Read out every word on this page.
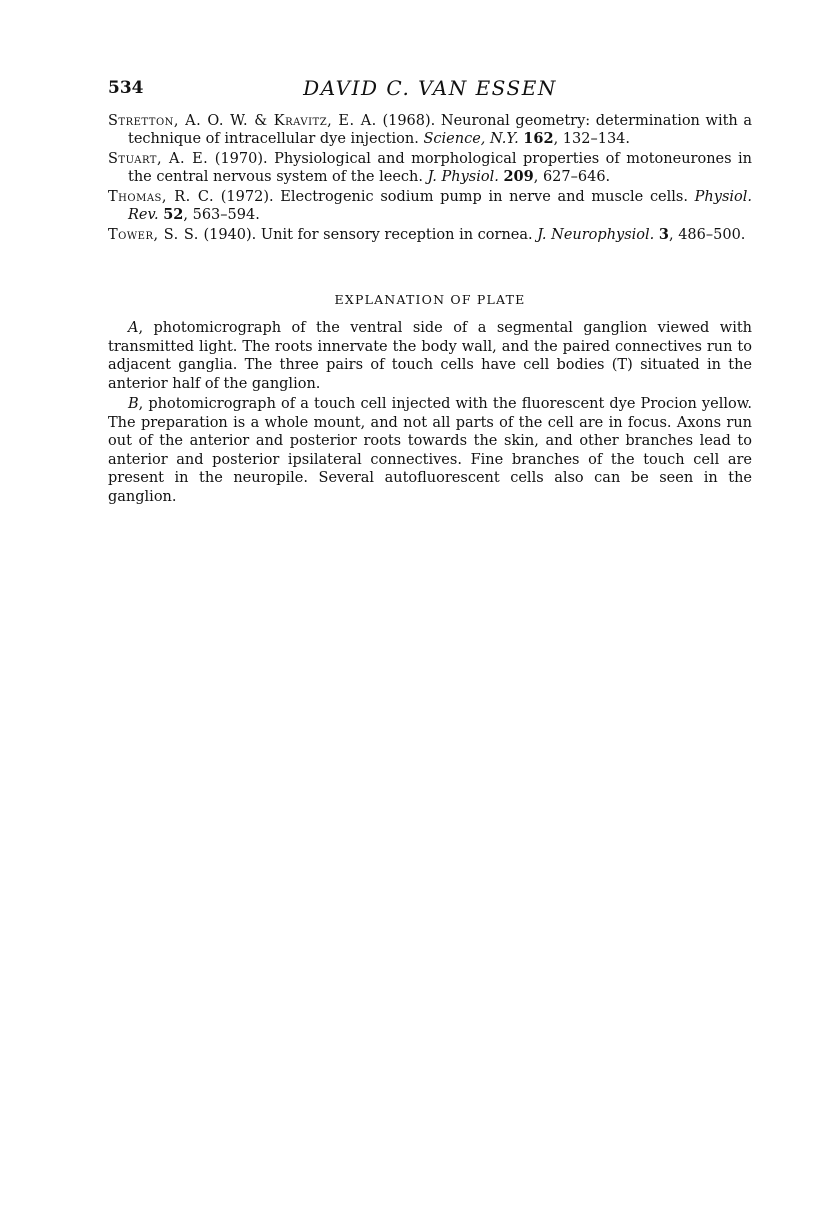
534	DAVID C. VAN ESSEN

Stretton, A. O. W. & Kravitz, E. A. (1968). Neuronal geometry: determination with a technique of intracellular dye injection. Science, N.Y. 162, 132–134.

Stuart, A. E. (1970). Physiological and morphological properties of motoneurones in the central nervous system of the leech. J. Physiol. 209, 627–646.

Thomas, R. C. (1972). Electrogenic sodium pump in nerve and muscle cells. Physiol. Rev. 52, 563–594.

Tower, S. S. (1940). Unit for sensory reception in cornea. J. Neurophysiol. 3, 486–500.

EXPLANATION OF PLATE

A, photomicrograph of the ventral side of a segmental ganglion viewed with transmitted light. The roots innervate the body wall, and the paired connectives run to adjacent ganglia. The three pairs of touch cells have cell bodies (T) situated in the anterior half of the ganglion.

B, photomicrograph of a touch cell injected with the fluorescent dye Procion yellow. The preparation is a whole mount, and not all parts of the cell are in focus. Axons run out of the anterior and posterior roots towards the skin, and other branches lead to anterior and posterior ipsilateral connectives. Fine branches of the touch cell are present in the neuropile. Several autofluorescent cells also can be seen in the ganglion.
